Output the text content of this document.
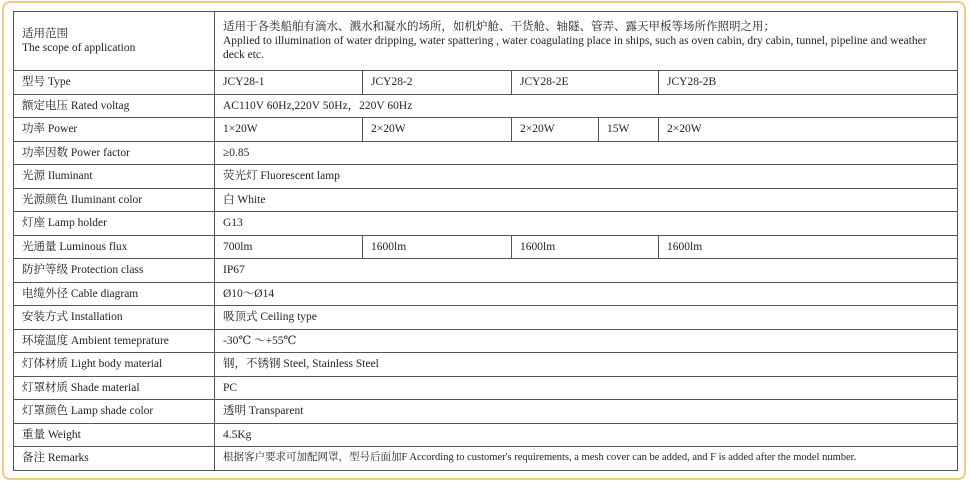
适用范围
The scope of application	适用于各类船舶有滴水、溅水和凝水的场所，如机炉舱、干货舱、轴隧、管弄、露天甲板等场所作照明之用；
Applied to illumination of water dripping, water spattering , water coagulating place in ships, such as oven cabin, dry cabin, tunnel, pipeline and weather deck etc.				

型号 Type	JCY28-1	JCY28-2	JCY28-2E		JCY28-2B
额定电压 Rated voltag	AC110V 60Hz,220V 50Hz，220V 60Hz				
功率 Power	1×20W	2×20W	2×20W	15W	2×20W
功率因数 Power factor	≥0.85				
光源 Iluminant	荧光灯 Fluorescent lamp				
光源颜色 Iluminant color	白 White				
灯座 Lamp holder	G13				
光通量 Luminous flux	700lm	1600lm	1600lm		1600lm
防护等级 Protection class	IP67				
电缆外径 Cable diagram	Ø10～Ø14				
安装方式 Installation	吸顶式 Ceiling type				
环境温度 Ambient temeprature	-30℃ ～+55℃				
灯体材质 Light body material	钢，不锈钢 Steel, Stainless Steel				
灯罩材质 Shade material	PC				
灯罩颜色 Lamp shade color	透明 Transparent				
重量 Weight	4.5Kg				
备注 Remarks	根据客户要求可加配网罩，型号后面加F According to customer's requirements, a mesh cover can be added, and F is added after the model number.				
